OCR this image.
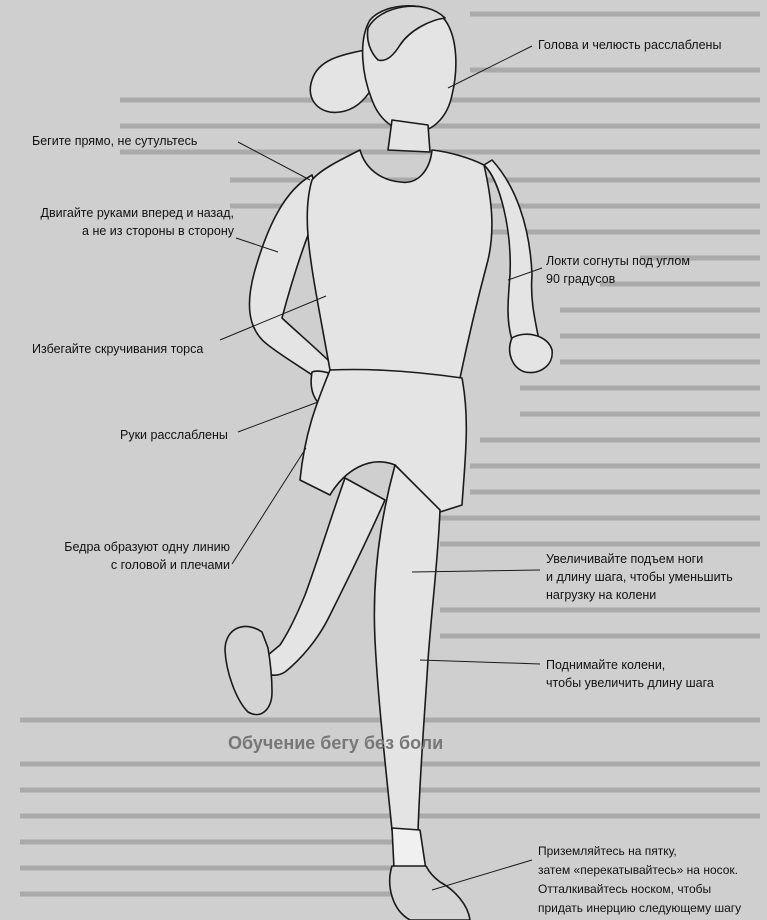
Голова и челюсть расслаблены
Бегите прямо, не сутультесь
Двигайте руками вперед и назад,
а не из стороны в сторону
Локти согнуты под углом
90 градусов
Избегайте скручивания торса
Руки расслаблены
Бедра образуют одну линию
с головой и плечами	Увеличивайте подъем ноги
и длину шага, чтобы уменьшить
нагрузку на колени
Поднимайте колени,
чтобы увеличить длину шага
Приземляйтесь на пятку,
затем «перекатывайтесь» на носок.
Отталкивайтесь носком, чтобы
придать инерцию следующему шагу
Обучение бегу без боли
